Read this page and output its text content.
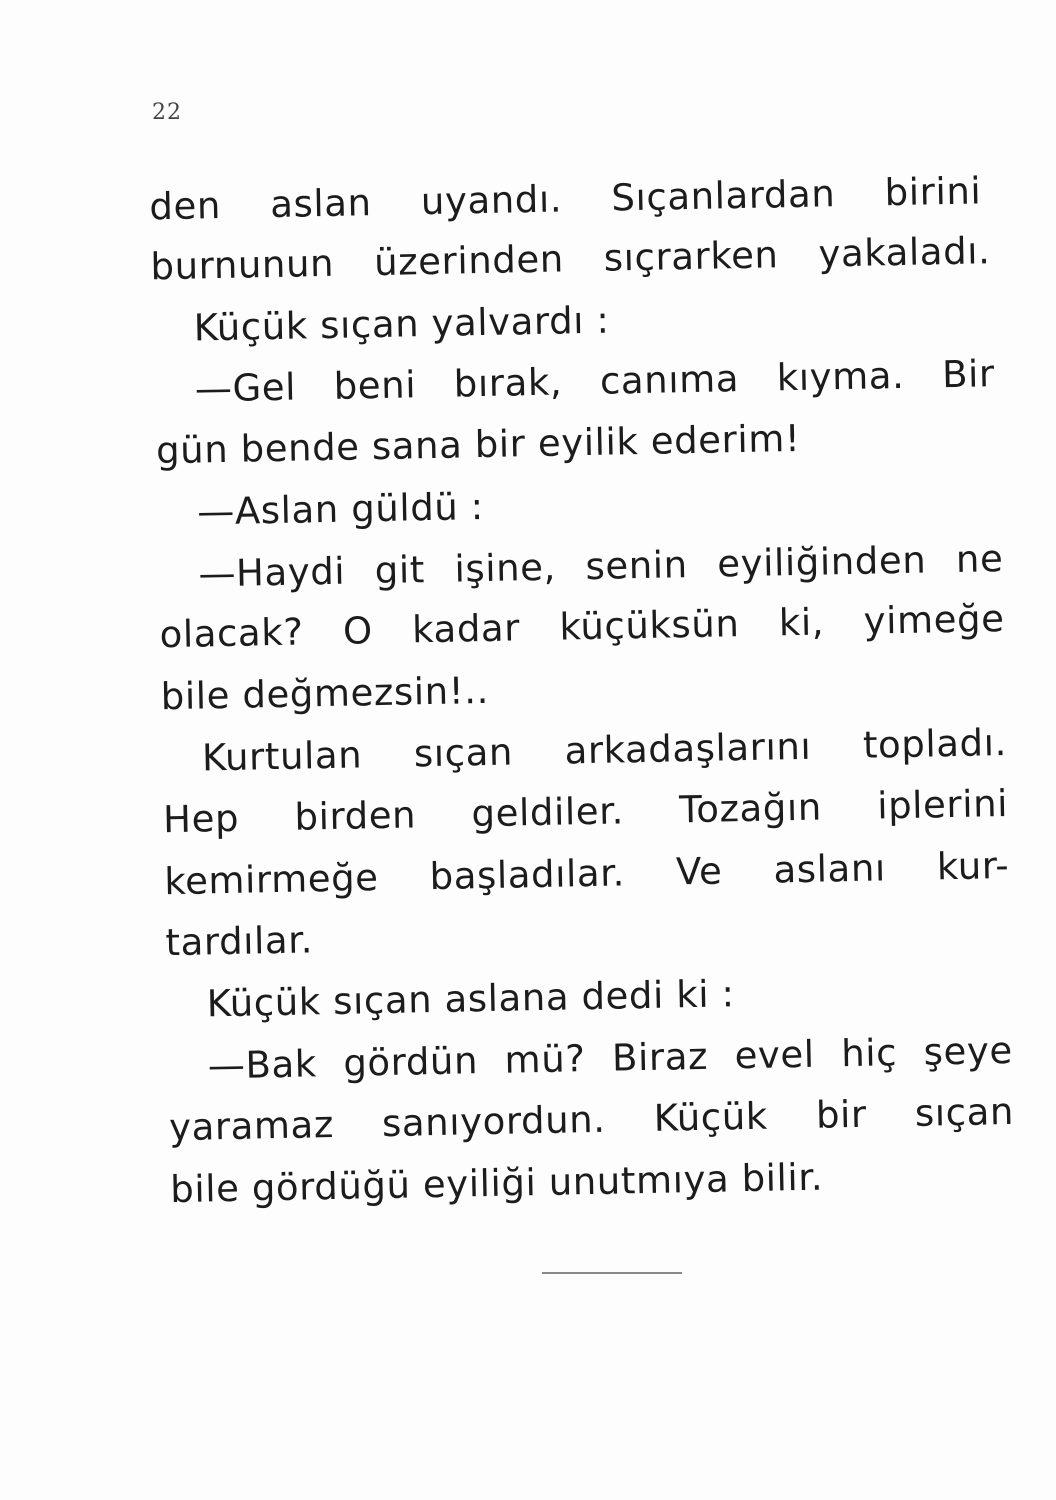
22
den aslan uyandı. Sıçanlardan birini
burnunun üzerinden sıçrarken yakaladı.
Küçük sıçan yalvardı :
—Gel beni bırak, canıma kıyma. Bir
gün bende sana bir eyilik ederim!
—Aslan güldü :
—Haydi git işine, senin eyiliğinden ne
olacak? O kadar küçüksün ki, yimeğe
bile değmezsin!..
Kurtulan sıçan arkadaşlarını topladı.
Hep birden geldiler. Tozağın iplerini
kemirmeğe başladılar. Ve aslanı kur-
tardılar.
Küçük sıçan aslana dedi ki :
—Bak gördün mü? Biraz evel hiç şeye
yaramaz sanıyordun. Küçük bir sıçan
bile gördüğü eyiliği unutmıya bilir.
